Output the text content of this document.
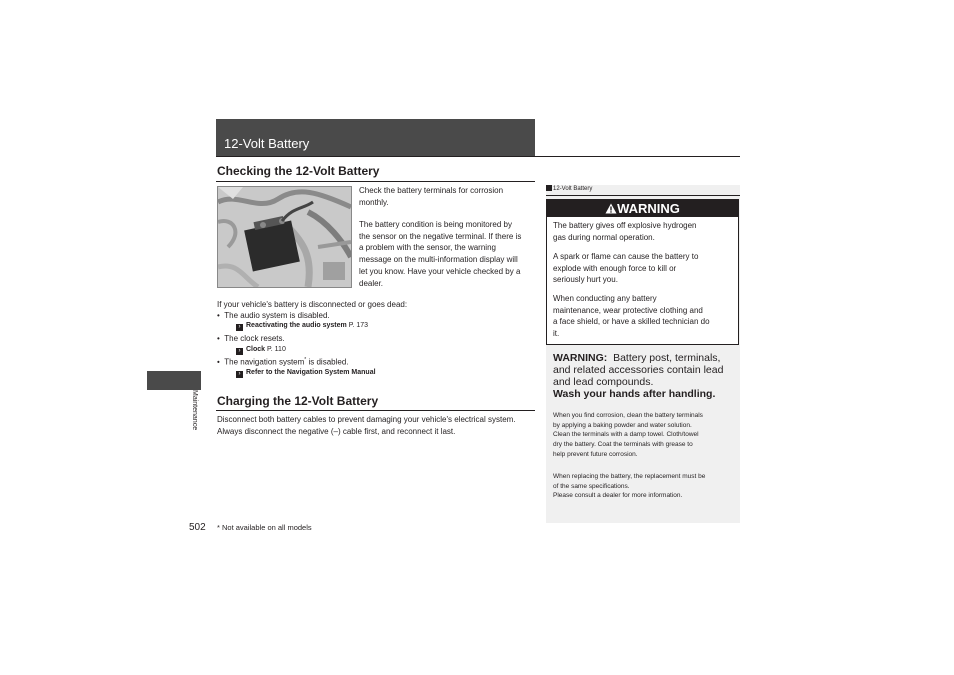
12-Volt Battery
Maintenance
Checking the 12-Volt Battery
Check the battery terminals for corrosion
monthly.
The battery condition is being monitored by
the sensor on the negative terminal. If there is
a problem with the sensor, the warning
message on the multi-information display will
let you know. Have your vehicle checked by a
dealer.
If your vehicle's battery is disconnected or goes dead:
•  The audio system is disabled.
› Reactivating the audio system P. 173
•  The clock resets.
› Clock P. 110
•  The navigation system* is disabled.
› Refer to the Navigation System Manual
Charging the 12-Volt Battery
Disconnect both battery cables to prevent damaging your vehicle's electrical system.
Always disconnect the negative (–) cable first, and reconnect it last.
12-Volt Battery
WARNING
The battery gives off explosive hydrogen
gas during normal operation.
A spark or flame can cause the battery to
explode with enough force to kill or
seriously hurt you.
When conducting any battery
maintenance, wear protective clothing and
a face shield, or have a skilled technician do
it.
WARNING: Battery post, terminals,
and related accessories contain lead
and lead compounds.
Wash your hands after handling.
When you find corrosion, clean the battery terminals
by applying a baking powder and water solution.
Clean the terminals with a damp towel. Cloth/towel
dry the battery. Coat the terminals with grease to
help prevent future corrosion.
When replacing the battery, the replacement must be
of the same specifications.
Please consult a dealer for more information.
502 * Not available on all models
